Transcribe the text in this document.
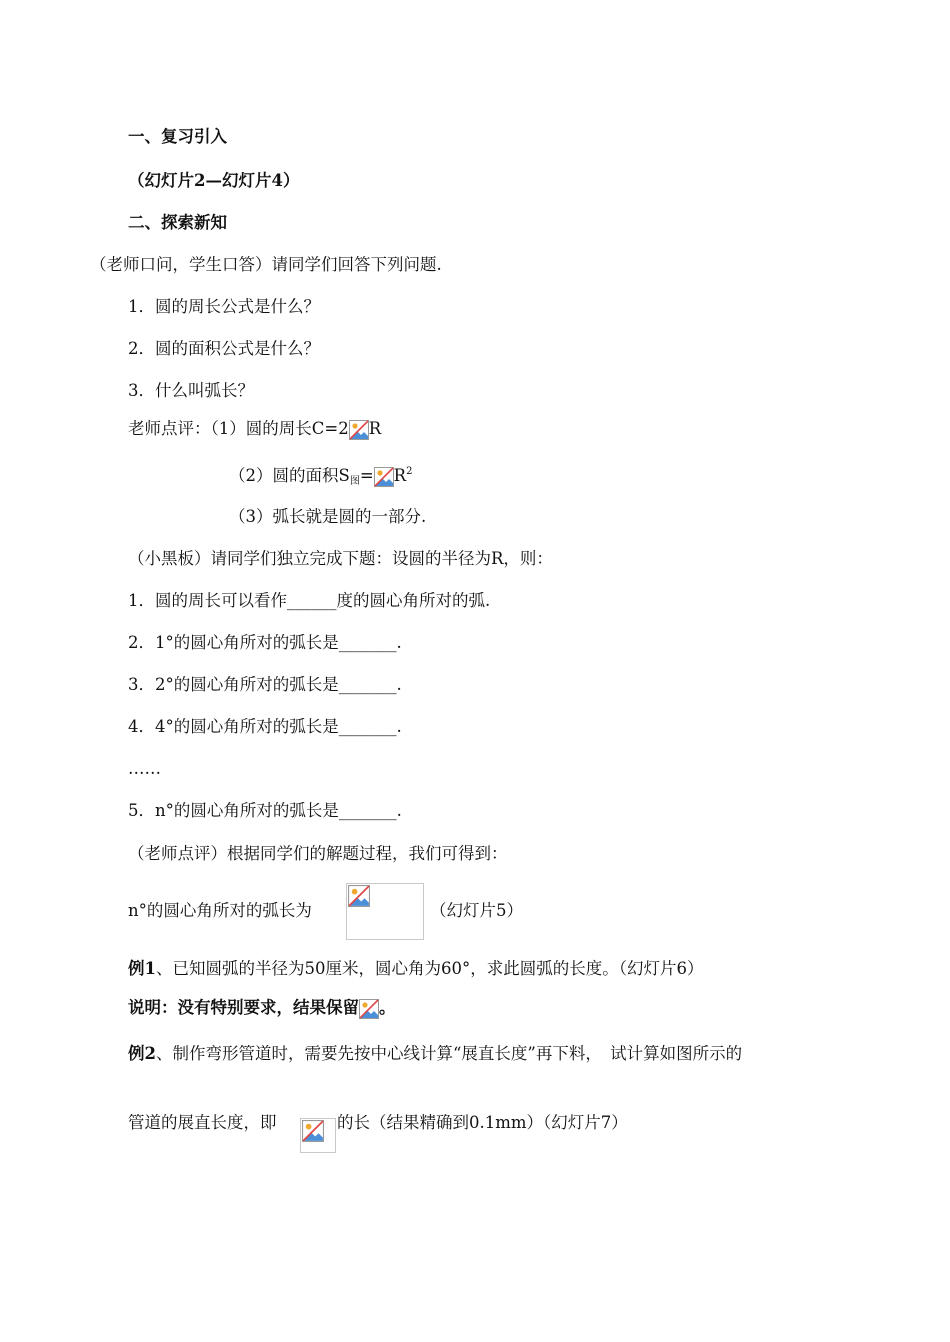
一、复习引入
（幻灯片2—幻灯片4）
二、探索新知
（老师口问，学生口答）请同学们回答下列问题.
1．圆的周长公式是什么？
2．圆的面积公式是什么？
3．什么叫弧长？
老师点评：（1）圆的周长C=2 R
（2）圆的面积$S_图= R^2$
（3）弧长就是圆的一部分.
（小黑板）请同学们独立完成下题：设圆的半径为R，则：
1．圆的周长可以看作______度的圆心角所对的弧.
2．1°的圆心角所对的弧长是_______.
3．2°的圆心角所对的弧长是_______.
4．4°的圆心角所对的弧长是_______.
……
5．n°的圆心角所对的弧长是_______.
（老师点评）根据同学们的解题过程，我们可得到：
n°的圆心角所对的弧长为	（幻灯片5）
例1、已知圆弧的半径为50厘米，圆心角为60°，求此圆弧的长度。（幻灯片6）
说明：没有特别要求，结果保留 。
例2、制作弯形管道时，需要先按中心线计算“展直长度”再下料，　试计算如图所示的
管道的展直长度，即	的长（结果精确到0.1mm）（幻灯片7）
